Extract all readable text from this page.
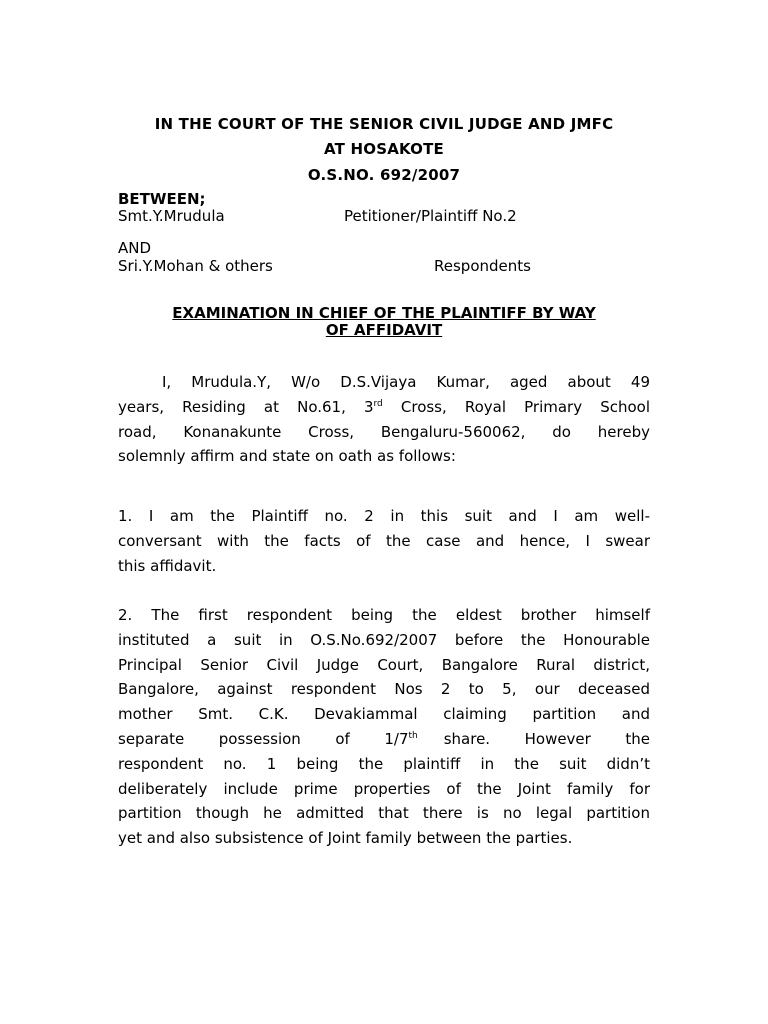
IN THE COURT OF THE SENIOR CIVIL JUDGE AND JMFC
AT HOSAKOTE
O.S.NO. 692/2007
BETWEEN;
Smt.Y.Mrudula	Petitioner/Plaintiff No.2
AND
Sri.Y.Mohan & others	Respondents
EXAMINATION IN CHIEF OF THE PLAINTIFF BY WAY
OF AFFIDAVIT
I, Mrudula.Y, W/o D.S.Vijaya Kumar, aged about 49
years, Residing at No.61, 3rd Cross, Royal Primary School
road, Konanakunte Cross, Bengaluru-560062, do hereby
solemnly affirm and state on oath as follows:
1. I am the Plaintiff no. 2 in this suit and I am well-
conversant with the facts of the case and hence, I swear
this affidavit.
2. The first respondent being the eldest brother himself
instituted a suit in O.S.No.692/2007 before the Honourable
Principal Senior Civil Judge Court, Bangalore Rural district,
Bangalore, against respondent Nos 2 to 5, our deceased
mother Smt. C.K. Devakiammal claiming partition and
separate possession of 1/7th share. However the
respondent no. 1 being the plaintiff in the suit didn’t
deliberately include prime properties of the Joint family for
partition though he admitted that there is no legal partition
yet and also subsistence of Joint family between the parties.
